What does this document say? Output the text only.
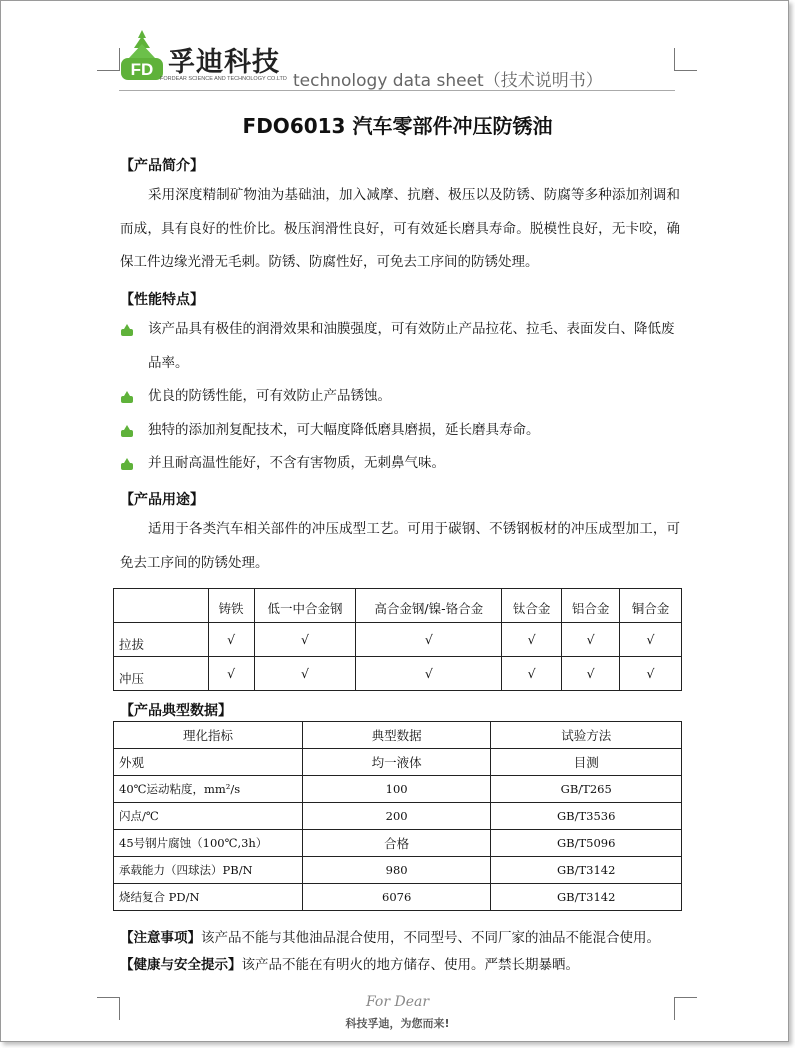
FD 孚迪科技
FORDEAR SCIENCE AND TECHNOLOGY CO.LTD technology data sheet（技术说明书）
FDO6013 汽车零部件冲压防锈油
【产品简介】
采用深度精制矿物油为基础油，加入减摩、抗磨、极压以及防锈、防腐等多种添加剂调和而成，具有良好的性价比。极压润滑性良好，可有效延长磨具寿命。脱模性良好，无卡咬，确保工件边缘光滑无毛刺。防锈、防腐性好，可免去工序间的防锈处理。
【性能特点】
该产品具有极佳的润滑效果和油膜强度，可有效防止产品拉花、拉毛、表面发白、降低废品率。
优良的防锈性能，可有效防止产品锈蚀。
独特的添加剂复配技术，可大幅度降低磨具磨损，延长磨具寿命。
并且耐高温性能好，不含有害物质，无刺鼻气味。
【产品用途】
适用于各类汽车相关部件的冲压成型工艺。可用于碳钢、不锈钢板材的冲压成型加工，可免去工序间的防锈处理。
	铸铁	低一中合金钢	高合金钢/镍-铬合金	钛合金	铝合金	铜合金
拉拔	√	√	√	√	√	√
冲压	√	√	√	√	√	√
【产品典型数据】
理化指标	典型数据	试验方法
外观	均一液体	目测
40℃运动粘度，mm²/s	100	GB/T265
闪点/℃	200	GB/T3536
45号钢片腐蚀（100℃,3h）	合格	GB/T5096
承载能力（四球法）PB/N	980	GB/T3142
烧结复合 PD/N	6076	GB/T3142
【注意事项】该产品不能与其他油品混合使用，不同型号、不同厂家的油品不能混合使用。
【健康与安全提示】该产品不能在有明火的地方储存、使用。严禁长期暴晒。
For Dear
科技孚迪，为您而来!
